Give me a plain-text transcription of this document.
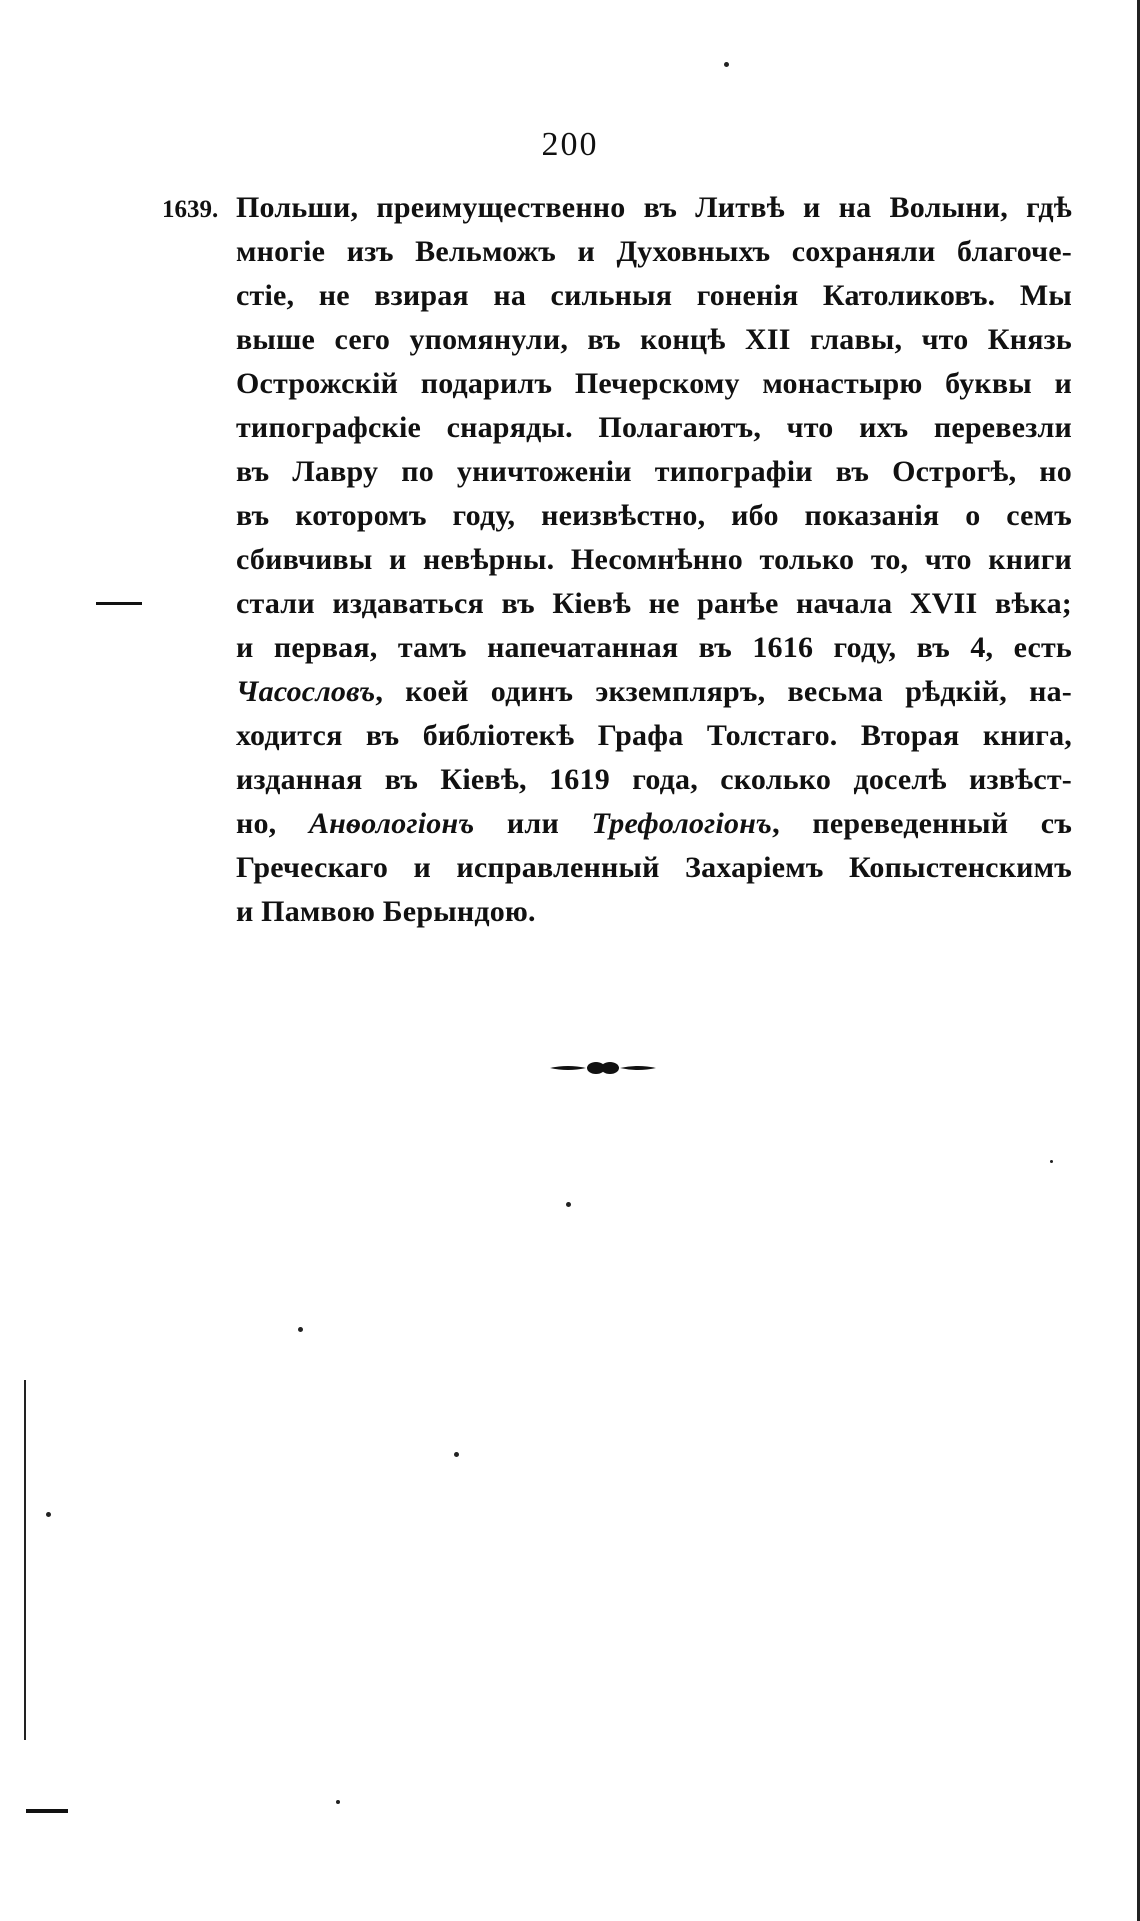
200
1639. Польши, преимущественно въ Литвѣ и на Волыни, гдѣ
многіе изъ Вельможъ и Духовныхъ сохраняли благоче-
стіе, не взирая на сильныя гоненія Католиковъ. Мы
выше сего упомянули, въ концѣ XII главы, что Князь
Острожскій подарилъ Печерскому монастырю буквы и
типографскіе снаряды. Полагаютъ, что ихъ перевезли
въ Лавру по уничтоженіи типографіи въ Острогѣ, но
въ которомъ году, неизвѣстно, ибо показанія о семъ
сбивчивы и невѣрны. Несомнѣнно только то, что книги
стали издаваться въ Кіевѣ не ранѣе начала XVII вѣка;
и первая, тамъ напечатанная въ 1616 году, въ 4, есть
Часословъ, коей одинъ экземпляръ, весьма рѣдкій, на-
ходится въ библіотекѣ Графа Толстаго. Вторая книга,
изданная въ Кіевѣ, 1619 года, сколько доселѣ извѣст-
но, Анѳологіонъ или Трефологіонъ, переведенный съ
Греческаго и исправленный Захаріемъ Копыстенскимъ
и Памвою Берындою.
